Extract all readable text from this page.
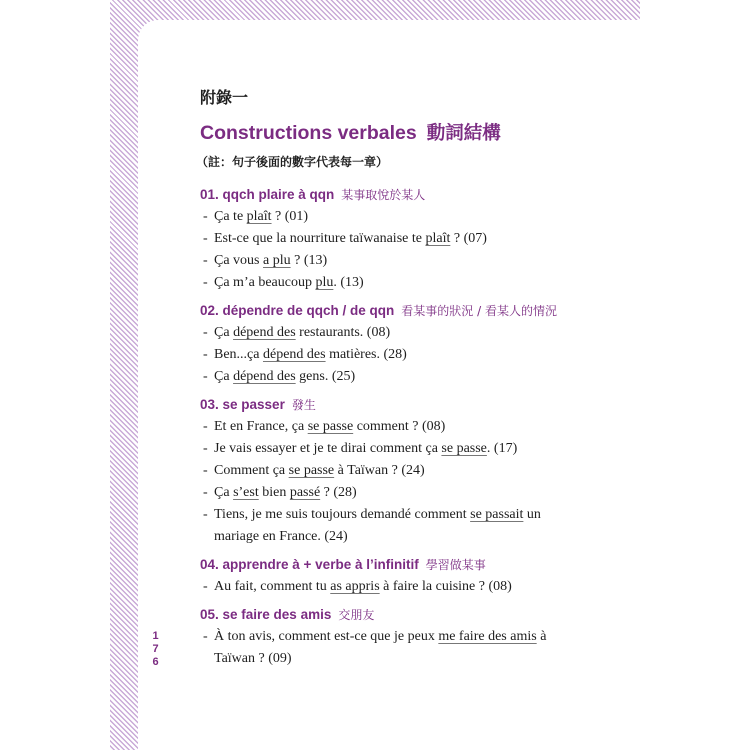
附錄一
Constructions verbales 動詞結構
（註：句子後面的數字代表每一章）
01. qqch plaire à qqn 某事取悅於某人
- Ça te plaît ? (01)
- Est-ce que la nourriture taïwanaise te plaît ? (07)
- Ça vous a plu ? (13)
- Ça m’a beaucoup plu. (13)
02. dépendre de qqch / de qqn 看某事的狀況 / 看某人的情況
- Ça dépend des restaurants. (08)
- Ben...ça dépend des matières. (28)
- Ça dépend des gens. (25)
03. se passer 發生
- Et en France, ça se passe comment ? (08)
- Je vais essayer et je te dirai comment ça se passe. (17)
- Comment ça se passe à Taïwan ? (24)
- Ça s’est bien passé ? (28)
- Tiens, je me suis toujours demandé comment se passait un
mariage en France. (24)
04. apprendre à + verbe à l’infinitif 學習做某事
- Au fait, comment tu as appris à faire la cuisine ? (08)
05. se faire des amis 交朋友
- À ton avis, comment est-ce que je peux me faire des amis à
Taïwan ? (09)
176
